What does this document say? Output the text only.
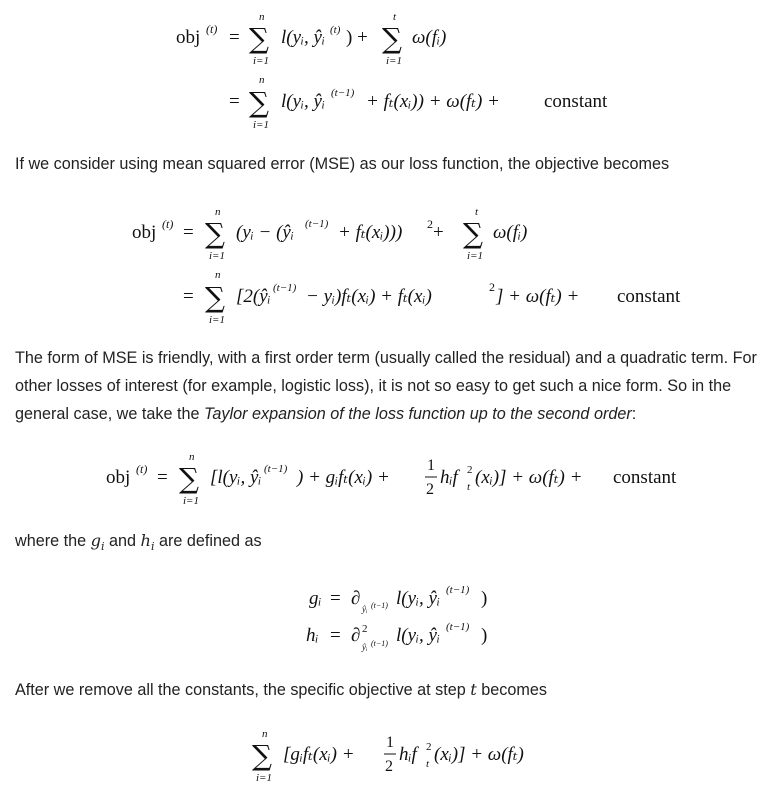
obj (t) =
n
∑
i=1
l(yᵢ, ŷᵢ (t) ) +
t
∑
i=1
ω(fᵢ)
=
n
∑
i=1
l(yᵢ, ŷᵢ (t−1) + fₜ(xᵢ)) + ω(fₜ) + constant
If we consider using mean squared error (MSE) as our loss function, the objective becomes
obj (t) =
n
∑
i=1
(yᵢ − (ŷᵢ (t−1) + fₜ(xᵢ))) 2 +
t
∑
i=1
ω(fᵢ)
=
n
∑
i=1
[2(ŷᵢ (t−1) − yᵢ)fₜ(xᵢ) + fₜ(xᵢ)	2 ] + ω(fₜ) + constant
The form of MSE is friendly, with a first order term (usually called the residual) and a quadratic term. For other losses of interest (for example, logistic loss), it is not so easy to get such a nice form. So in the general case, we take the Taylor expansion of the loss function up to the second order:
obj (t) =
n
∑
i=1
[l(yᵢ, ŷᵢ (t−1) ) + gᵢfₜ(xᵢ) +
1
2
hᵢf 2
t (xᵢ)] + ω(fₜ) + constant
where the $g_i$ and $h_i$ are defined as
gᵢ = ∂ ŷᵢ (t−1) l(yᵢ, ŷᵢ (t−1) )
hᵢ = ∂ 2
ŷᵢ (t−1) l(yᵢ, ŷᵢ (t−1) )
After we remove all the constants, the specific objective at step t becomes
n
∑
i=1
[gᵢfₜ(xᵢ) +
1
2
hᵢf 2
t (xᵢ)] + ω(fₜ)
